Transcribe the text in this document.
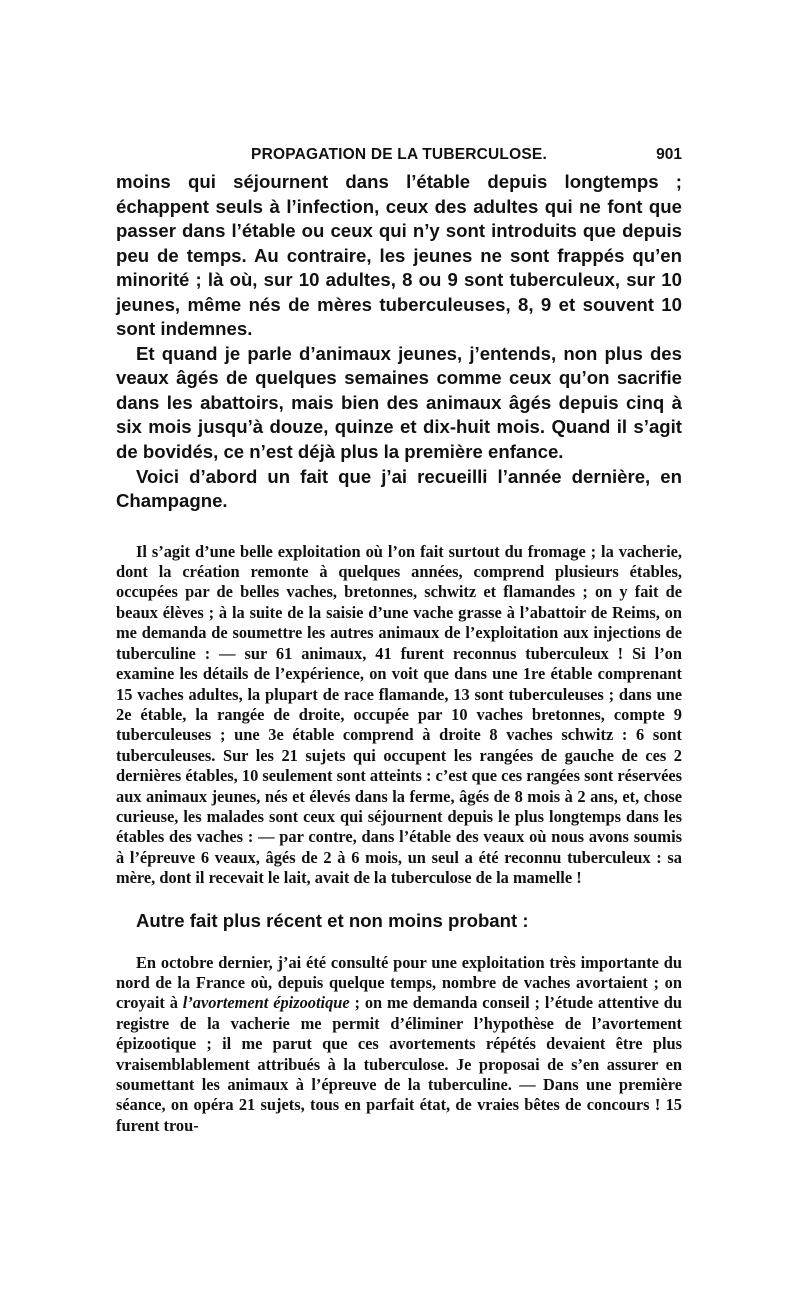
PROPAGATION DE LA TUBERCULOSE.	901

moins qui séjournent dans l’étable depuis longtemps ; échappent seuls à l’infection, ceux des adultes qui ne font que passer dans l’étable ou ceux qui n’y sont introduits que depuis peu de temps. Au contraire, les jeunes ne sont frappés qu’en minorité ; là où, sur 10 adultes, 8 ou 9 sont tuberculeux, sur 10 jeunes, même nés de mères tuberculeuses, 8, 9 et souvent 10 sont indemnes.

Et quand je parle d’animaux jeunes, j’entends, non plus des veaux âgés de quelques semaines comme ceux qu’on sacrifie dans les abattoirs, mais bien des animaux âgés depuis cinq à six mois jusqu’à douze, quinze et dix-huit mois. Quand il s’agit de bovidés, ce n’est déjà plus la première enfance.

Voici d’abord un fait que j’ai recueilli l’année dernière, en Champagne.

Il s’agit d’une belle exploitation où l’on fait surtout du fromage ; la vacherie, dont la création remonte à quelques années, comprend plusieurs étables, occupées par de belles vaches, bretonnes, schwitz et flamandes ; on y fait de beaux élèves ; à la suite de la saisie d’une vache grasse à l’abattoir de Reims, on me demanda de soumettre les autres animaux de l’exploitation aux injections de tuberculine : — sur 61 animaux, 41 furent reconnus tuberculeux ! Si l’on examine les détails de l’expérience, on voit que dans une 1re étable comprenant 15 vaches adultes, la plupart de race flamande, 13 sont tuberculeuses ; dans une 2e étable, la rangée de droite, occupée par 10 vaches bretonnes, compte 9 tuberculeuses ; une 3e étable comprend à droite 8 vaches schwitz : 6 sont tuberculeuses. Sur les 21 sujets qui occupent les rangées de gauche de ces 2 dernières étables, 10 seulement sont atteints : c’est que ces rangées sont réservées aux animaux jeunes, nés et élevés dans la ferme, âgés de 8 mois à 2 ans, et, chose curieuse, les malades sont ceux qui séjournent depuis le plus longtemps dans les étables des vaches : — par contre, dans l’étable des veaux où nous avons soumis à l’épreuve 6 veaux, âgés de 2 à 6 mois, un seul a été reconnu tuberculeux : sa mère, dont il recevait le lait, avait de la tuberculose de la mamelle !

Autre fait plus récent et non moins probant :

En octobre dernier, j’ai été consulté pour une exploitation très importante du nord de la France où, depuis quelque temps, nombre de vaches avortaient ; on croyait à l’avortement épizootique ; on me demanda conseil ; l’étude attentive du registre de la vacherie me permit d’éliminer l’hypothèse de l’avortement épizootique ; il me parut que ces avortements répétés devaient être plus vraisemblablement attribués à la tuberculose. Je proposai de s’en assurer en soumettant les animaux à l’épreuve de la tuberculine. — Dans une première séance, on opéra 21 sujets, tous en parfait état, de vraies bêtes de concours ! 15 furent trou-
